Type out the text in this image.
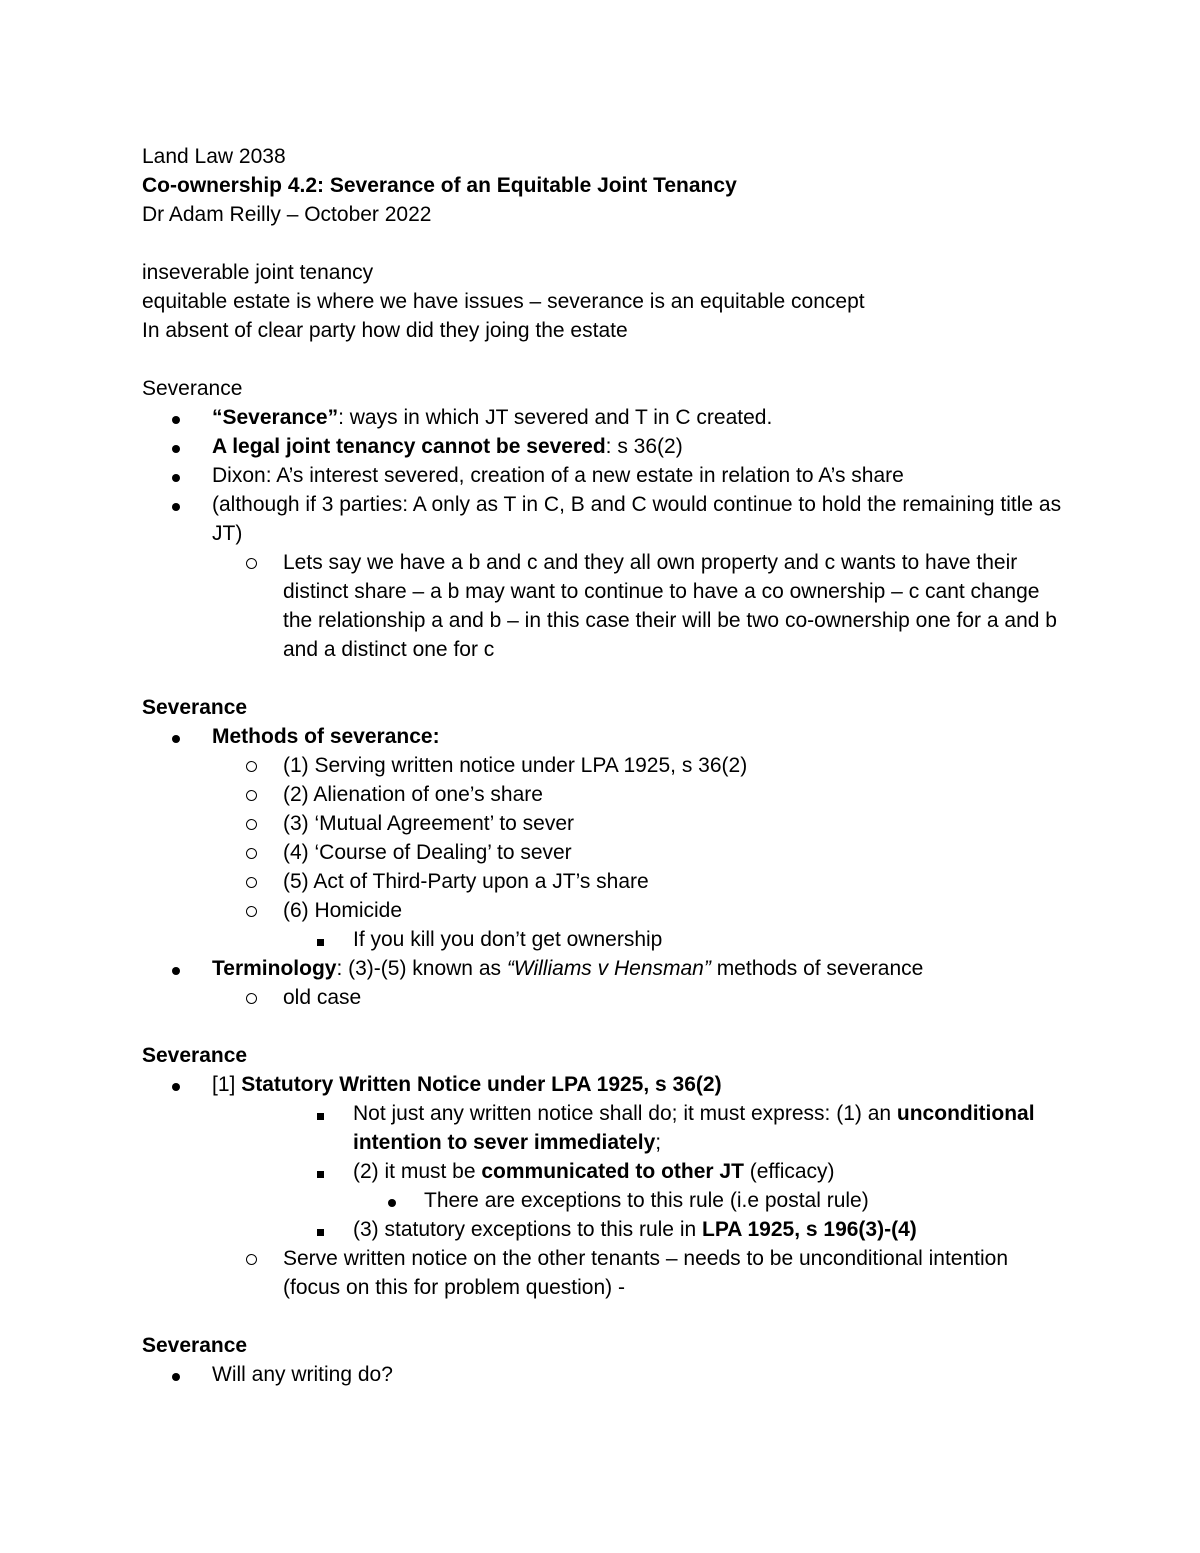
Land Law 2038
Co-ownership 4.2: Severance of an Equitable Joint Tenancy
Dr Adam Reilly – October 2022
inseverable joint tenancy
equitable estate is where we have issues – severance is an equitable concept
In absent of clear party how did they joing the estate
Severance
“Severance”: ways in which JT severed and T in C created.
A legal joint tenancy cannot be severed: s 36(2)
Dixon: A’s interest severed, creation of a new estate in relation to A’s share
(although if 3 parties: A only as T in C, B and C would continue to hold the remaining title as JT)
Lets say we have a b and c and they all own property and c wants to have their distinct share – a b may want to continue to have a co ownership – c cant change the relationship a and b – in this case their will be two co-ownership one for a and b and a distinct one for c
Severance
Methods of severance:
(1) Serving written notice under LPA 1925, s 36(2)
(2) Alienation of one’s share
(3) ‘Mutual Agreement’ to sever
(4) ‘Course of Dealing’ to sever
(5) Act of Third-Party upon a JT’s share
(6) Homicide
If you kill you don’t get ownership
Terminology: (3)-(5) known as “Williams v Hensman” methods of severance
old case
Severance
[1] Statutory Written Notice under LPA 1925, s 36(2)
Not just any written notice shall do; it must express: (1) an unconditional intention to sever immediately;
(2) it must be communicated to other JT (efficacy)
There are exceptions to this rule (i.e postal rule)
(3) statutory exceptions to this rule in LPA 1925, s 196(3)-(4)
Serve written notice on the other tenants – needs to be unconditional intention (focus on this for problem question) -
Severance
Will any writing do?
